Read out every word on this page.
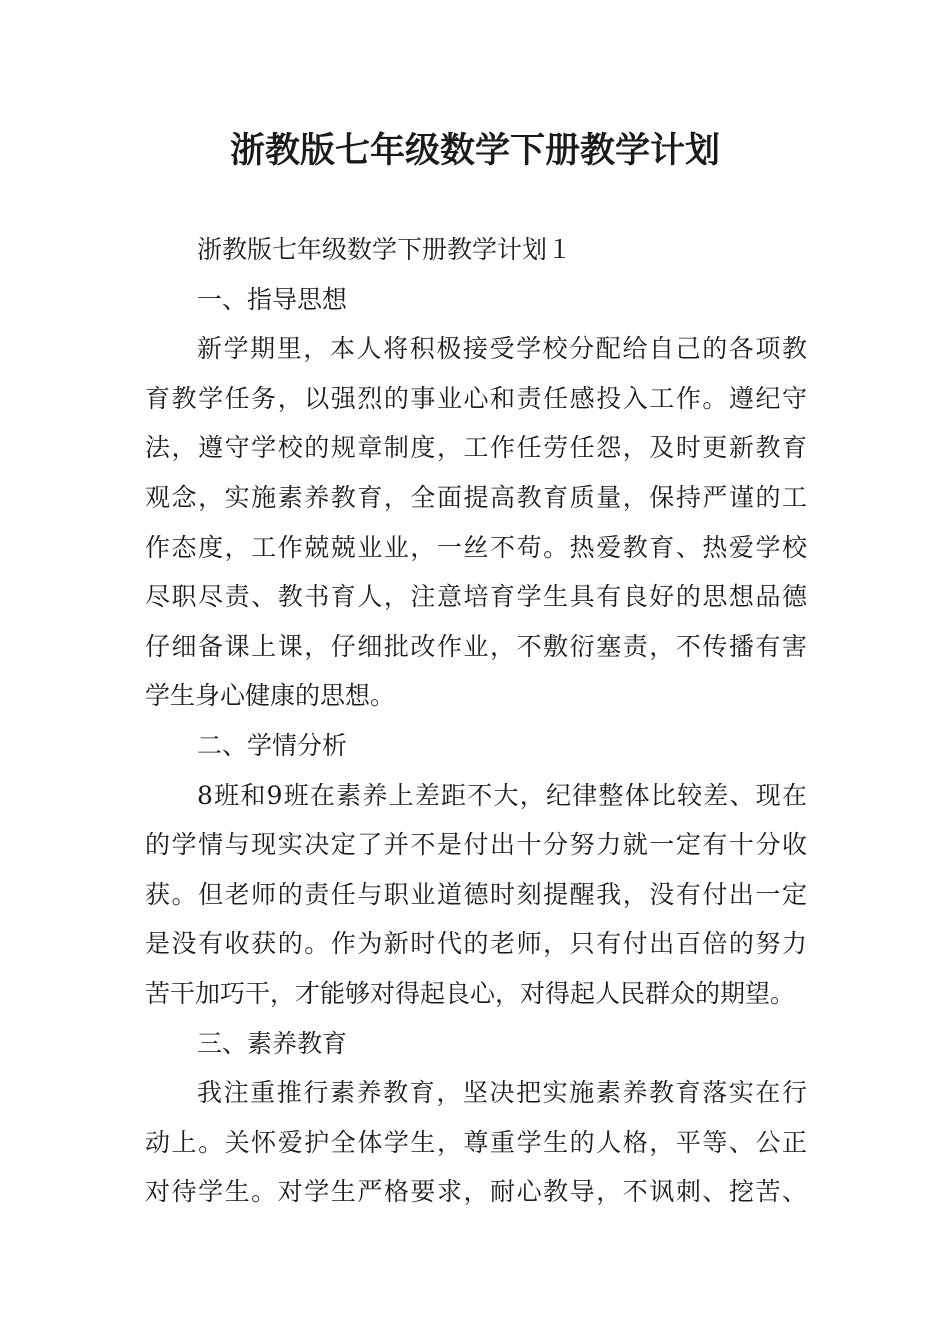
浙教版七年级数学下册教学计划
浙教版七年级数学下册教学计划１
一、指导思想
新学期里，本人将积极接受学校分配给自己的各项教
育教学任务，以强烈的事业心和责任感投入工作。遵纪守
法，遵守学校的规章制度，工作任劳任怨，及时更新教育
观念，实施素养教育，全面提高教育质量，保持严谨的工
作态度，工作兢兢业业，一丝不苟。热爱教育、热爱学校
尽职尽责、教书育人，注意培育学生具有良好的思想品德
仔细备课上课，仔细批改作业，不敷衍塞责，不传播有害
学生身心健康的思想。
二、学情分析
8班和9班在素养上差距不大，纪律整体比较差、现在
的学情与现实决定了并不是付出十分努力就一定有十分收
获。但老师的责任与职业道德时刻提醒我，没有付出一定
是没有收获的。作为新时代的老师，只有付出百倍的努力
苦干加巧干，才能够对得起良心，对得起人民群众的期望。
三、素养教育
我注重推行素养教育，坚决把实施素养教育落实在行
动上。关怀爱护全体学生，尊重学生的人格，平等、公正
对待学生。对学生严格要求，耐心教导，不讽刺、挖苦、
